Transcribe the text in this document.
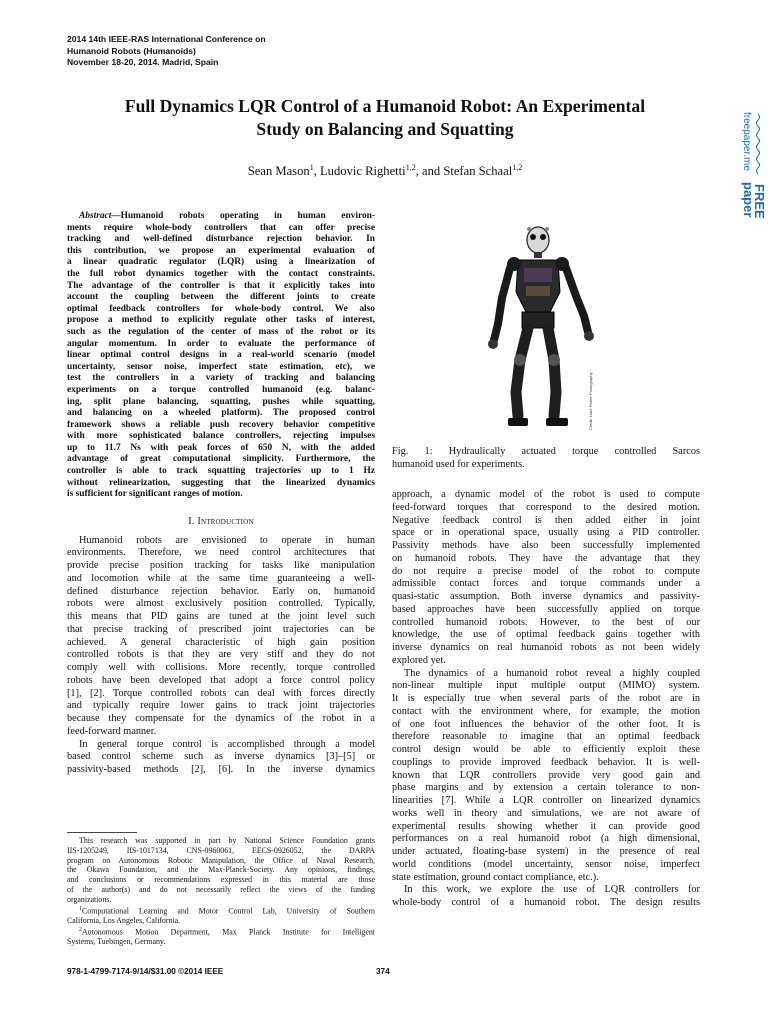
2014 14th IEEE-RAS International Conference on
Humanoid Robots (Humanoids)
November 18-20, 2014. Madrid, Spain
Full Dynamics LQR Control of a Humanoid Robot: An Experimental
Study on Balancing and Squatting
Sean Mason$^1$, Ludovic Righetti$^{1,2}$, and Stefan Schaal$^{1,2}$
FREE
paper
freepaper.me
Abstract—Humanoid robots operating in human environ-
ments require whole-body controllers that can offer precise
tracking and well-defined disturbance rejection behavior. In
this contribution, we propose an experimental evaluation of
a linear quadratic regulator (LQR) using a linearization of
the full robot dynamics together with the contact constraints.
The advantage of the controller is that it explicitly takes into
account the coupling between the different joints to create
optimal feedback controllers for whole-body control. We also
propose a method to explicitly regulate other tasks of interest,
such as the regulation of the center of mass of the robot or its
angular momentum. In order to evaluate the performance of
linear optimal control designs in a real-world scenario (model
uncertainty, sensor noise, imperfect state estimation, etc), we
test the controllers in a variety of tracking and balancing
experiments on a torque controlled humanoid (e.g. balanc-
ing, split plane balancing, squatting, pushes while squatting,
and balancing on a wheeled platform). The proposed control
framework shows a reliable push recovery behavior competitive
with more sophisticated balance controllers, rejecting impulses
up to 11.7 Ns with peak forces of 650 N, with the added
advantage of great computational simplicity. Furthermore, the
controller is able to track squatting trajectories up to 1 Hz
without relinearization, suggesting that the linearized dynamics
is sufficient for significant ranges of motion.
I. Introduction
Humanoid robots are envisioned to operate in human
environments. Therefore, we need control architectures that
provide precise position tracking for tasks like manipulation
and locomotion while at the same time guaranteeing a well-
defined disturbance rejection behavior. Early on, humanoid
robots were almost exclusively position controlled. Typically,
this means that PID gains are tuned at the joint level such
that precise tracking of prescribed joint trajectories can be
achieved. A general characteristic of high gain position
controlled robots is that they are very stiff and they do not
comply well with collisions. More recently, torque controlled
robots have been developed that adopt a force control policy
[1], [2]. Torque controlled robots can deal with forces directly
and typically require lower gains to track joint trajectories
because they compensate for the dynamics of the robot in a
feed-forward manner.
In general torque control is accomplished through a model
based control scheme such as inverse dynamics [3]–[5] or
passivity-based methods [2], [6]. In the inverse dynamics
This research was supported in part by National Science Foundation grants
IIS-1205249, IIS-1017134, CNS-0960061, EECS-0926052, the DARPA
program on Autonomous Robotic Manipulation, the Office of Naval Research,
the Okawa Foundation, and the Max-Planck-Society. Any opinions, findings,
and conclusions or recommendations expressed in this material are those
of the author(s) and do not necessarily reflect the views of the funding
organizations.
$^1$Computational Learning and Motor Control Lab, University of Southern
California, Los Angeles, California.
$^2$Autonomous Motion Department, Max Planck Institute for Intelligent
Systems, Tuebingen, Germany.
Credit: Luke Fisher Photography
Fig. 1: Hydraulically actuated torque controlled Sarcos
humanoid used for experiments.
approach, a dynamic model of the robot is used to compute
feed-forward torques that correspond to the desired motion.
Negative feedback control is then added either in joint
space or in operational space, usually using a PID controller.
Passivity methods have also been successfully implemented
on humanoid robots. They have the advantage that they
do not require a precise model of the robot to compute
admissible contact forces and torque commands under a
quasi-static assumption. Both inverse dynamics and passivity-
based approaches have been successfully applied on torque
controlled humanoid robots. However, to the best of our
knowledge, the use of optimal feedback gains together with
inverse dynamics on real humanoid robots as not been widely
explored yet.
The dynamics of a humanoid robot reveal a highly coupled
non-linear multiple input multiple output (MIMO) system.
It is especially true when several parts of the robot are in
contact with the environment where, for example, the motion
of one foot influences the behavior of the other foot. It is
therefore reasonable to imagine that an optimal feedback
control design would be able to efficiently exploit these
couplings to provide improved feedback behavior. It is well-
known that LQR controllers provide very good gain and
phase margins and by extension a certain tolerance to non-
linearities [7]. While a LQR controller on linearized dynamics
works well in theory and simulations, we are not aware of
experimental results showing whether it can provide good
performances on a real humanoid robot (a high dimensional,
under actuated, floating-base system) in the presence of real
world conditions (model uncertainty, sensor noise, imperfect
state estimation, ground contact compliance, etc.).
In this work, we explore the use of LQR controllers for
whole-body control of a humanoid robot. The design results
978-1-4799-7174-9/14/$31.00 ©2014 IEEE	374
